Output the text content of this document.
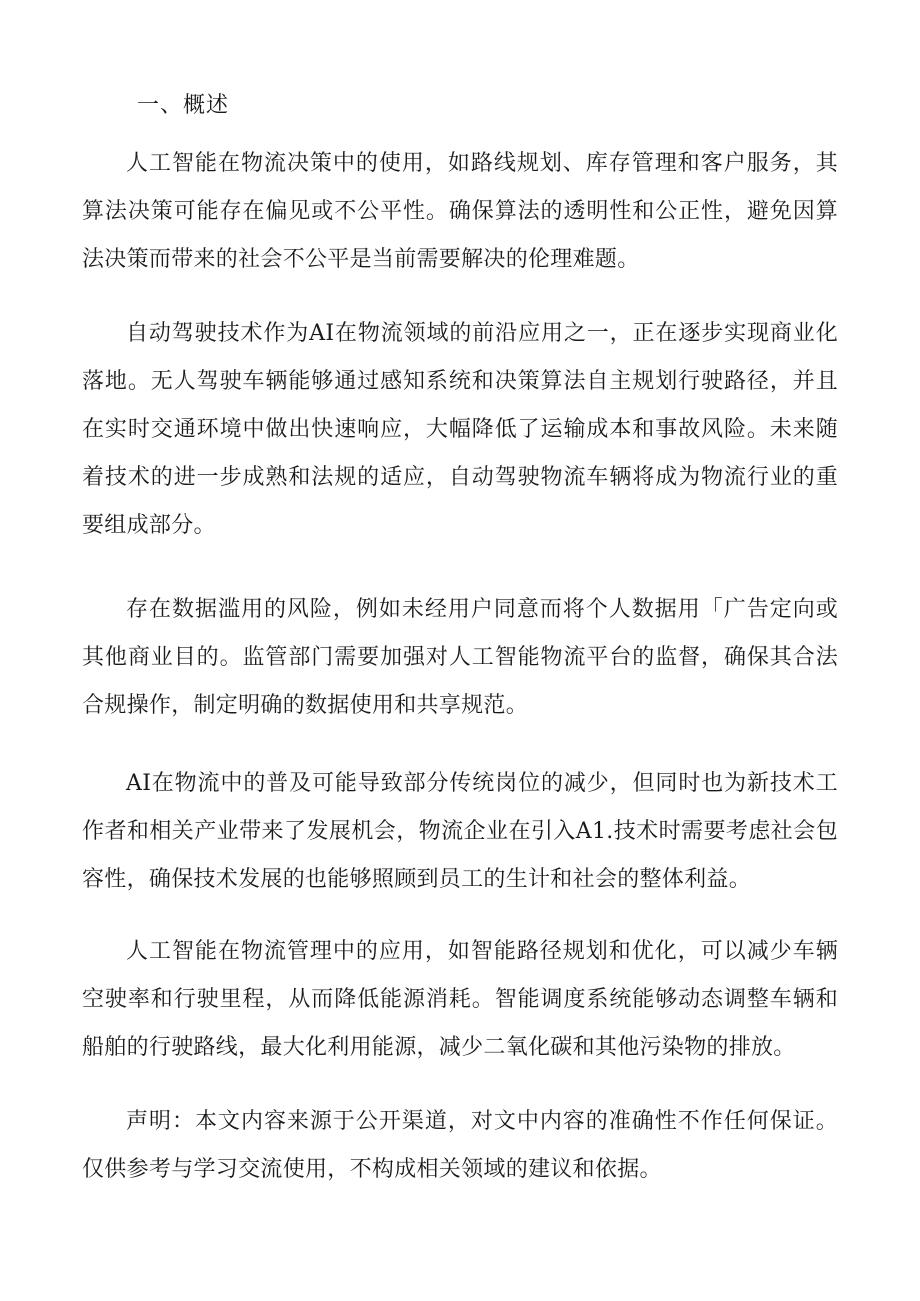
一、概述

人工智能在物流决策中的使用，如路线规划、库存管理和客户服务，其算法决策可能存在偏见或不公平性。确保算法的透明性和公正性，避免因算法决策而带来的社会不公平是当前需要解决的伦理难题。

自动驾驶技术作为AI在物流领域的前沿应用之一，正在逐步实现商业化落地。无人驾驶车辆能够通过感知系统和决策算法自主规划行驶路径，并且在实时交通环境中做出快速响应，大幅降低了运输成本和事故风险。未来随着技术的进一步成熟和法规的适应，自动驾驶物流车辆将成为物流行业的重要组成部分。

存在数据滥用的风险，例如未经用户同意而将个人数据用「广告定向或其他商业目的。监管部门需要加强对人工智能物流平台的监督，确保其合法合规操作，制定明确的数据使用和共享规范。

AI在物流中的普及可能导致部分传统岗位的减少，但同时也为新技术工作者和相关产业带来了发展机会，物流企业在引入A1.技术时需要考虑社会包容性，确保技术发展的也能够照顾到员工的生计和社会的整体利益。

人工智能在物流管理中的应用，如智能路径规划和优化，可以减少车辆空驶率和行驶里程，从而降低能源消耗。智能调度系统能够动态调整车辆和船舶的行驶路线，最大化利用能源，减少二氧化碳和其他污染物的排放。

声明：本文内容来源于公开渠道，对文中内容的准确性不作任何保证。仅供参考与学习交流使用，不构成相关领域的建议和依据。
